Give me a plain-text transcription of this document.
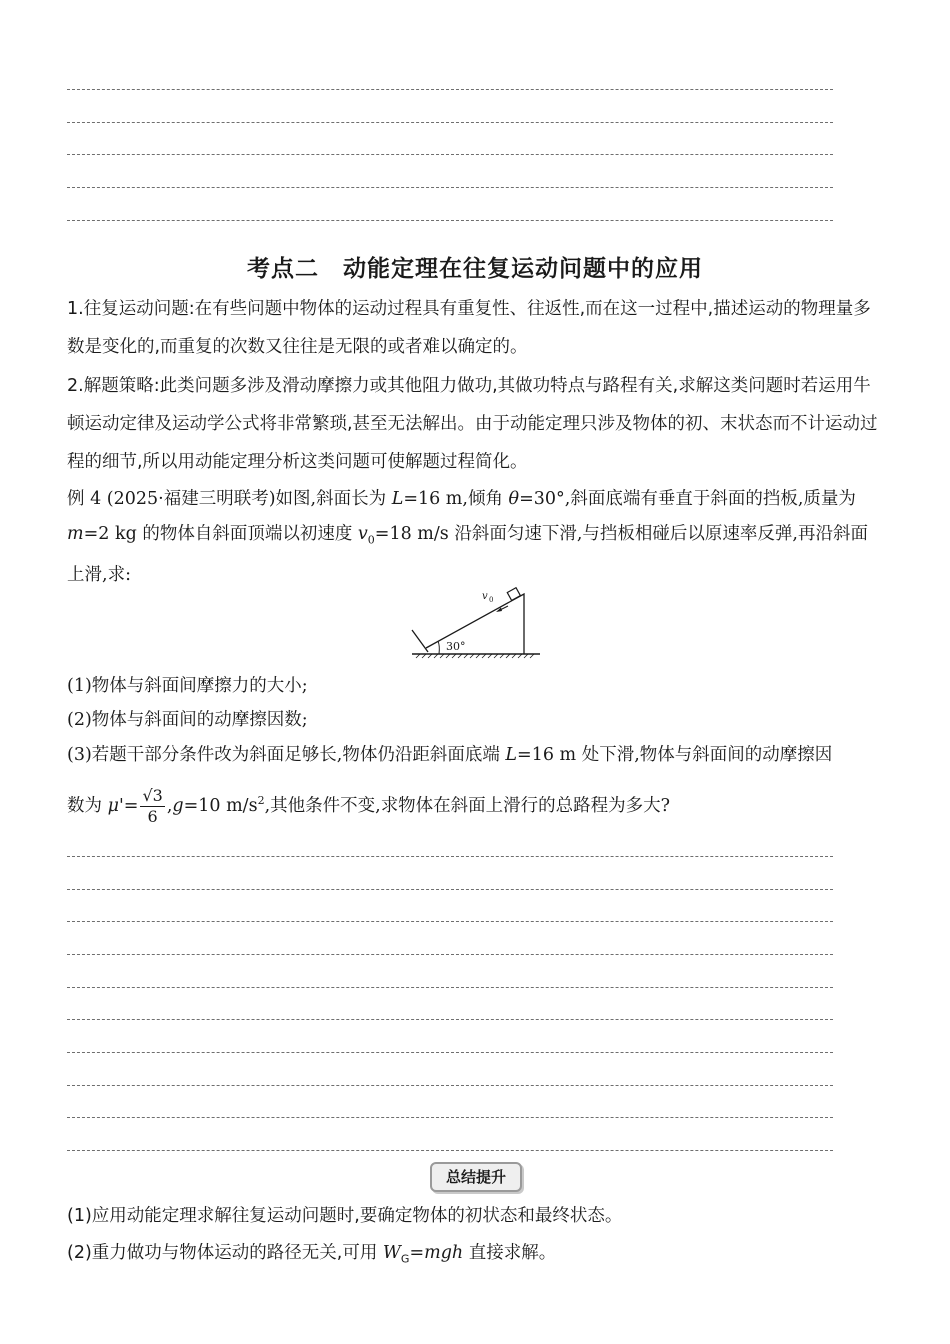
考点二　动能定理在往复运动问题中的应用
1.往复运动问题:在有些问题中物体的运动过程具有重复性、往返性,而在这一过程中,描述运动的物理量多数是变化的,而重复的次数又往往是无限的或者难以确定的。
2.解题策略:此类问题多涉及滑动摩擦力或其他阻力做功,其做功特点与路程有关,求解这类问题时若运用牛顿运动定律及运动学公式将非常繁琐,甚至无法解出。由于动能定理只涉及物体的初、末状态而不计运动过程的细节,所以用动能定理分析这类问题可使解题过程简化。
例 4 (2025·福建三明联考)如图,斜面长为 L=16 m,倾角 θ=30°,斜面底端有垂直于斜面的挡板,质量为 m=2 kg 的物体自斜面顶端以初速度 $v_0=18$ m/s 沿斜面匀速下滑,与挡板相碰后以原速率反弹,再沿斜面上滑,求:
v 0
30°
(1)物体与斜面间摩擦力的大小;
(2)物体与斜面间的动摩擦因数;
(3)若题干部分条件改为斜面足够长,物体仍沿距斜面底端 L=16 m 处下滑,物体与斜面间的动摩擦因
数为 $\mu'= \frac{√3}{6} ,g=10$ $m/s^2$,其他条件不变,求物体在斜面上滑行的总路程为多大?
总结提升
(1)应用动能定理求解往复运动问题时,要确定物体的初状态和最终状态。
(2)重力做功与物体运动的路径无关,可用 $W_G=mgh$ 直接求解。
